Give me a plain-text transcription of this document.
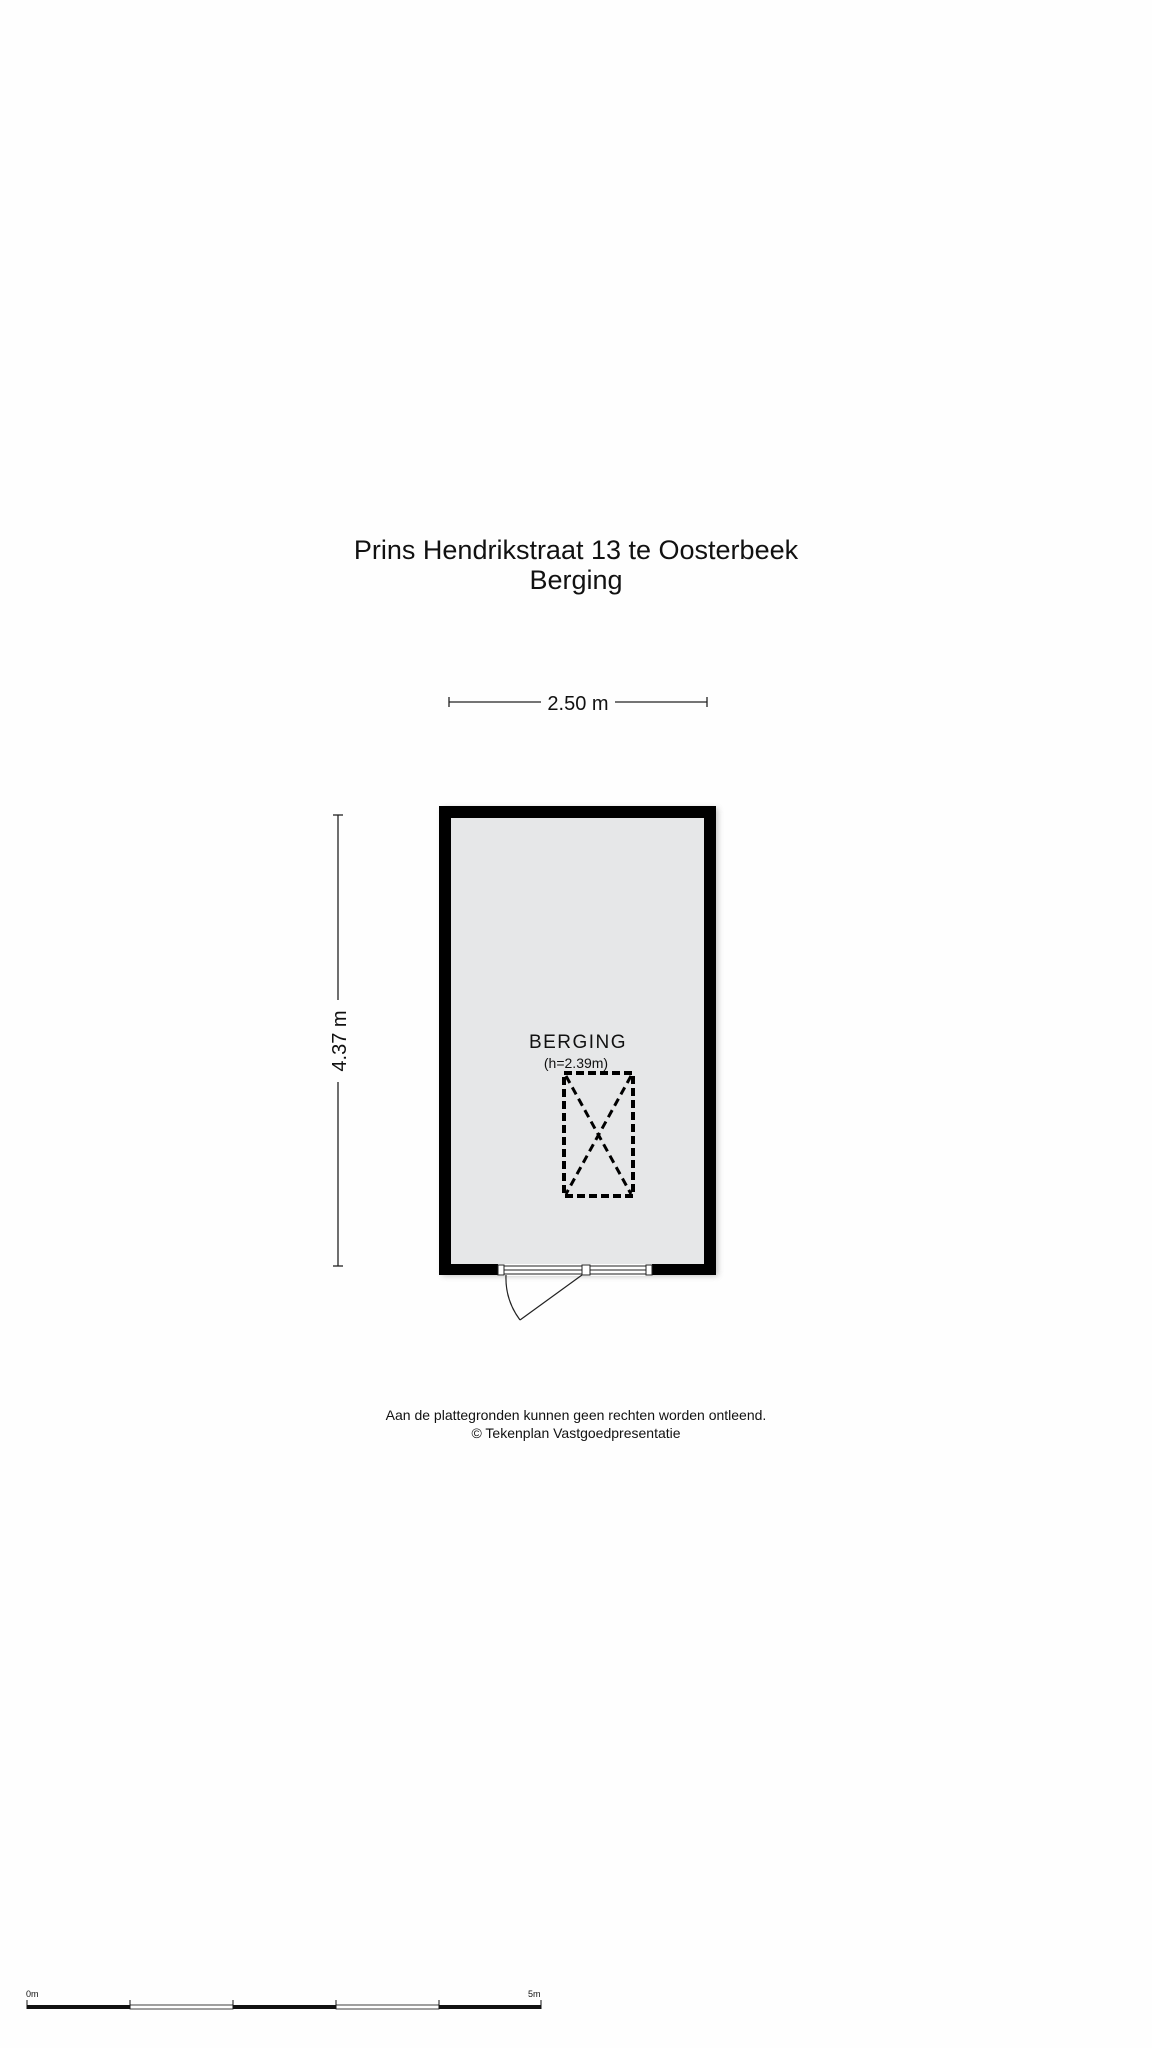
Prins Hendrikstraat 13 te Oosterbeek
Berging
2.50 m
4.37 m	BERGING
(h=2.39m)
0m	5m
Aan de plattegronden kunnen geen rechten worden ontleend.
© Tekenplan Vastgoedpresentatie
